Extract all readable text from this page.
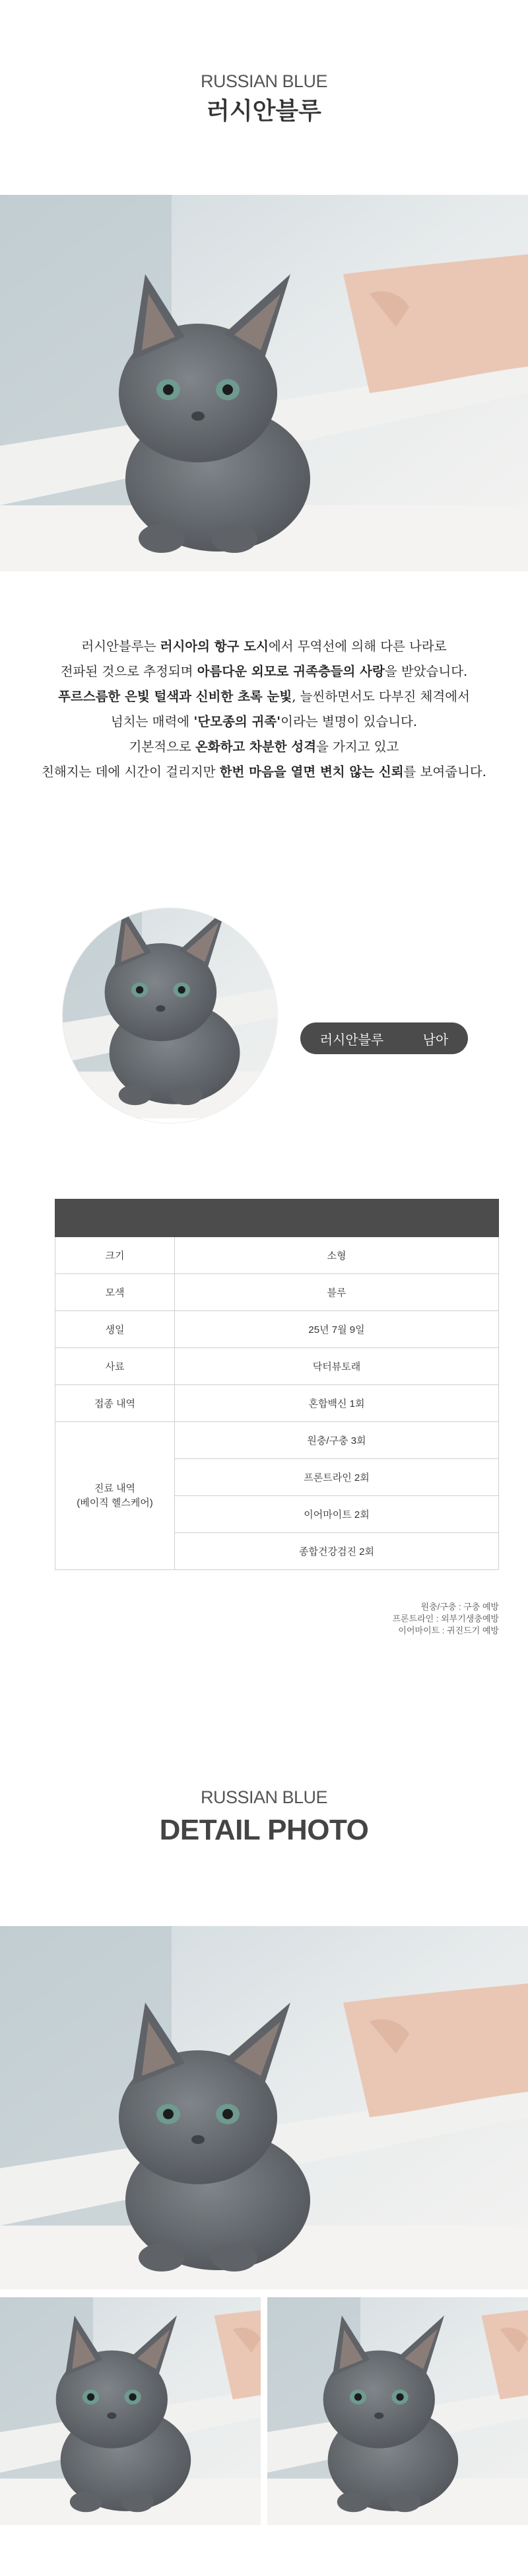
RUSSIAN BLUE
러시안블루
러시안블루는 러시아의 항구 도시에서 무역선에 의해 다른 나라로
전파된 것으로 추정되며 아름다운 외모로 귀족층들의 사랑을 받았습니다.
푸르스름한 은빛 털색과 신비한 초록 눈빛, 늘씬하면서도 다부진 체격에서
넘치는 매력에 '단모종의 귀족'이라는 별명이 있습니다.
기본적으로 온화하고 차분한 성격을 가지고 있고
친해지는 데에 시간이 걸리지만 한번 마음을 열면 변치 않는 신뢰를 보여줍니다.
러시안블루	남아

크기	소형
모색	블루
생일	25년 7월 9일
사료	닥터뷰토래
접종 내역	혼합백신 1회

진료 내역
(베이직 헬스케어)	원충/구충 3회
	프론트라인 2회
	이어마이트 2회
	종합건강검진 2회
원충/구충 : 구충 예방
프론트라인 : 외부기생충예방
이어마이트 : 귀진드기 예방
RUSSIAN BLUE
DETAIL PHOTO
